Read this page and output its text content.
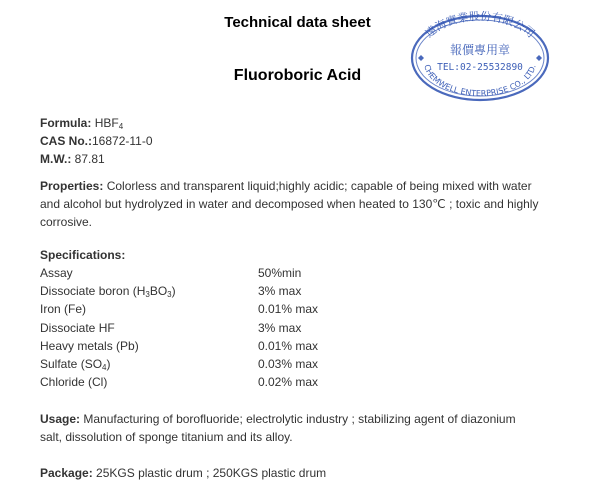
Technical data sheet
Fluoroboric Acid
遠海實業股份有限公司
報價專用章
TEL:02-25532890
CHEMWELL ENTERPRISE CO., LTD.
Formula: $HBF_4$
CAS No.:16872-11-0
M.W.: 87.81
Properties: Colorless and transparent liquid;highly acidic; capable of being mixed with water and alcohol but hydrolyzed in water and decomposed when heated to 130℃ ; toxic and highly corrosive.
Specifications:
Assay	50%min
Dissociate boron $(H_3BO_3)$	3% max
Iron (Fe)	0.01% max
Dissociate HF	3% max
Heavy metals (Pb)	0.01% max
Sulfate $(SO_4)$	0.03% max
Chloride (Cl)	0.02% max
Usage: Manufacturing of borofluoride; electrolytic industry ; stabilizing agent of diazonium salt, dissolution of sponge titanium and its alloy.
Package: 25KGS plastic drum ; 250KGS plastic drum
